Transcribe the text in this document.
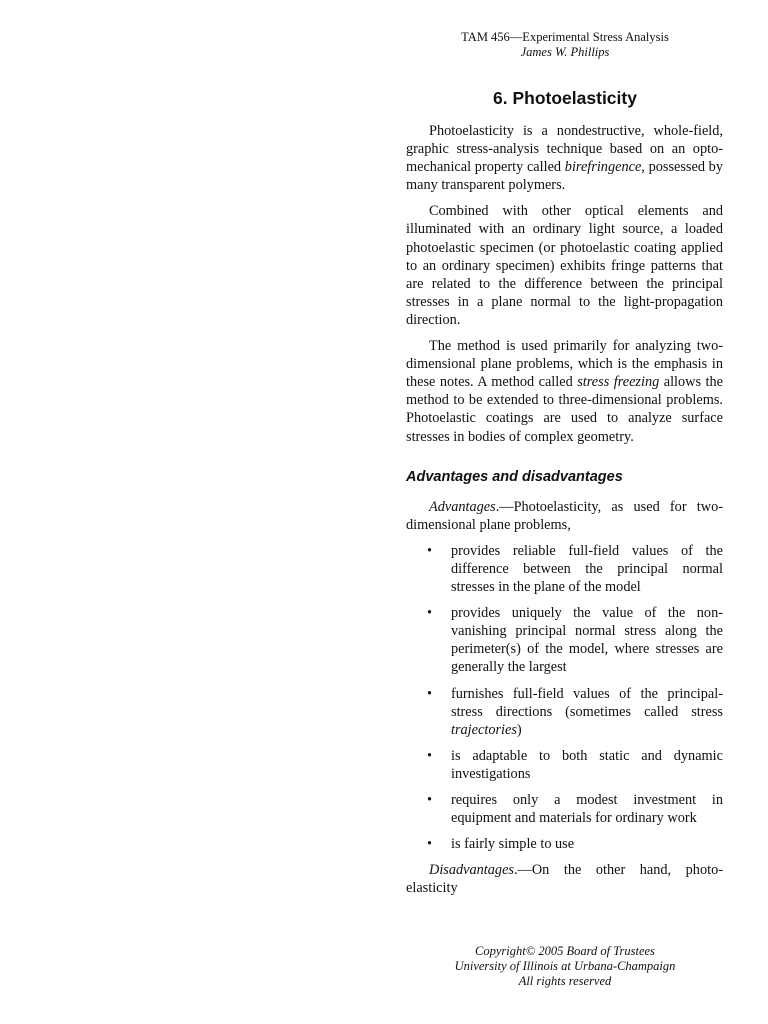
TAM 456—Experimental Stress Analysis
James W. Phillips
6. Photoelasticity

Photoelasticity is a nondestructive, whole-field, graphic stress-analysis technique based on an opto-mechanical property called birefringence, possessed by many transparent polymers.

Combined with other optical elements and illuminated with an ordinary light source, a loaded photoelastic specimen (or photoelastic coating applied to an ordinary specimen) exhibits fringe patterns that are related to the difference between the principal stresses in a plane normal to the light-propagation direction.

The method is used primarily for analyzing two-dimensional plane problems, which is the emphasis in these notes. A method called stress freezing allows the method to be extended to three-dimensional problems. Photoelastic coatings are used to analyze surface stresses in bodies of complex geometry.

Advantages and disadvantages

Advantages.—Photoelasticity, as used for two-dimensional plane problems,

• provides reliable full-field values of the difference between the principal normal stresses in the plane of the model
• provides uniquely the value of the non-vanishing principal normal stress along the perimeter(s) of the model, where stresses are generally the largest
• furnishes full-field values of the principal-stress directions (sometimes called stress trajectories)
• is adaptable to both static and dynamic investigations
• requires only a modest investment in equipment and materials for ordinary work
• is fairly simple to use

Disadvantages.—On the other hand, photo-elasticity

Copyright© 2005 Board of Trustees
University of Illinois at Urbana-Champaign
All rights reserved
